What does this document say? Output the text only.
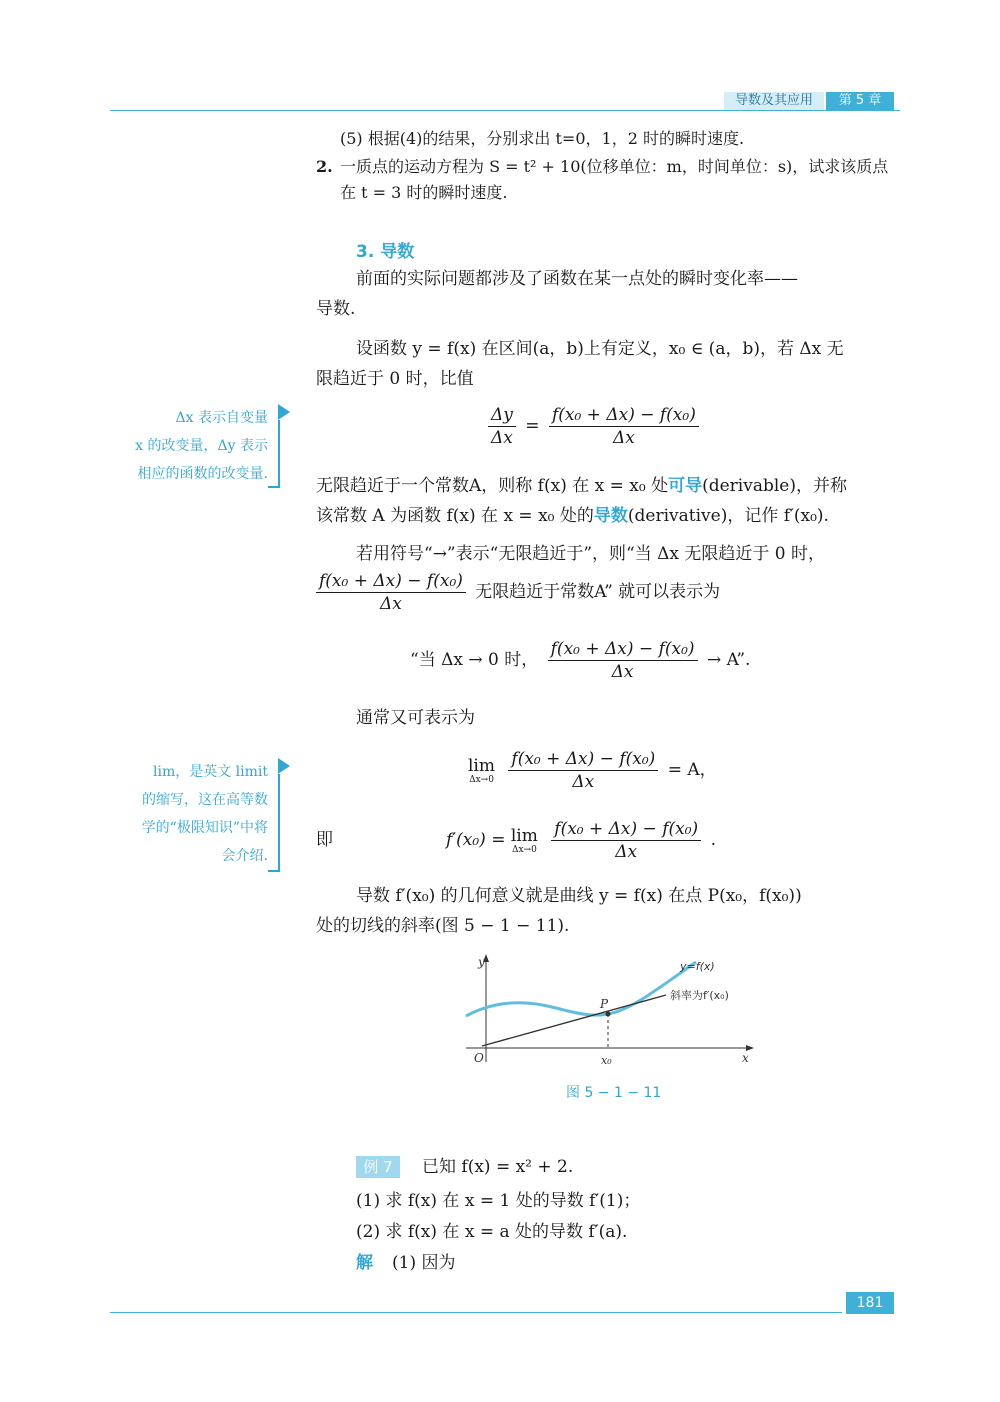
导数及其应用	第 5 章
(5) 根据(4)的结果，分别求出 t=0，1，2 时的瞬时速度.
2. 一质点的运动方程为 S = t² + 10(位移单位：m，时间单位：s)，试求该质点
在 t = 3 时的瞬时速度.
3. 导数
前面的实际问题都涉及了函数在某一点处的瞬时变化率——
导数.
设函数 y = f(x) 在区间(a，b)上有定义，x₀ ∈ (a，b)，若 Δx 无
限趋近于 0 时，比值
$\frac{\Delta y}{\Delta x} = \frac{\text{f(x₀ + Δx) − f(x₀)}}{\Delta x}$
Δx 表示自变量
x 的改变量，Δy 表示
相应的函数的改变量.
无限趋近于一个常数A，则称 f(x) 在 x = x₀ 处可导(derivable)，并称
该常数 A 为函数 f(x) 在 x = x₀ 处的导数(derivative)，记作 f′(x₀).
若用符号“→”表示“无限趋近于”，则“当 Δx 无限趋近于 0 时，
$\frac{\text{f(x₀ + Δx) − f(x₀)}}{\Delta x}$ 无限趋近于常数A” 就可以表示为
“当 Δx → 0 时， $\frac{\text{f(x₀ + Δx) − f(x₀)}}{\Delta x} \to A$”.
通常又可表示为
lim
Δx→0
$\frac{\text{f(x₀ + Δx) − f(x₀)}}{\Delta x} = A$，
lim，是英文 limit
的缩写，这在高等数
学的“极限知识”中将
会介绍.
即	f′(x₀) = lim
Δx→0
$\frac{\text{f(x₀ + Δx) − f(x₀)}}{\Delta x}$ .
导数 f′(x₀) 的几何意义就是曲线 y = f(x) 在点 P(x₀，f(x₀))
处的切线的斜率(图 5 − 1 − 11).
y
x
O
P
x₀
y=f(x)
斜率为f′(x₀)
图 5 − 1 − 11
例 7	已知 f(x) = x² + 2.
(1) 求 f(x) 在 x = 1 处的导数 f′(1)；
(2) 求 f(x) 在 x = a 处的导数 f′(a).
解 (1) 因为
181
